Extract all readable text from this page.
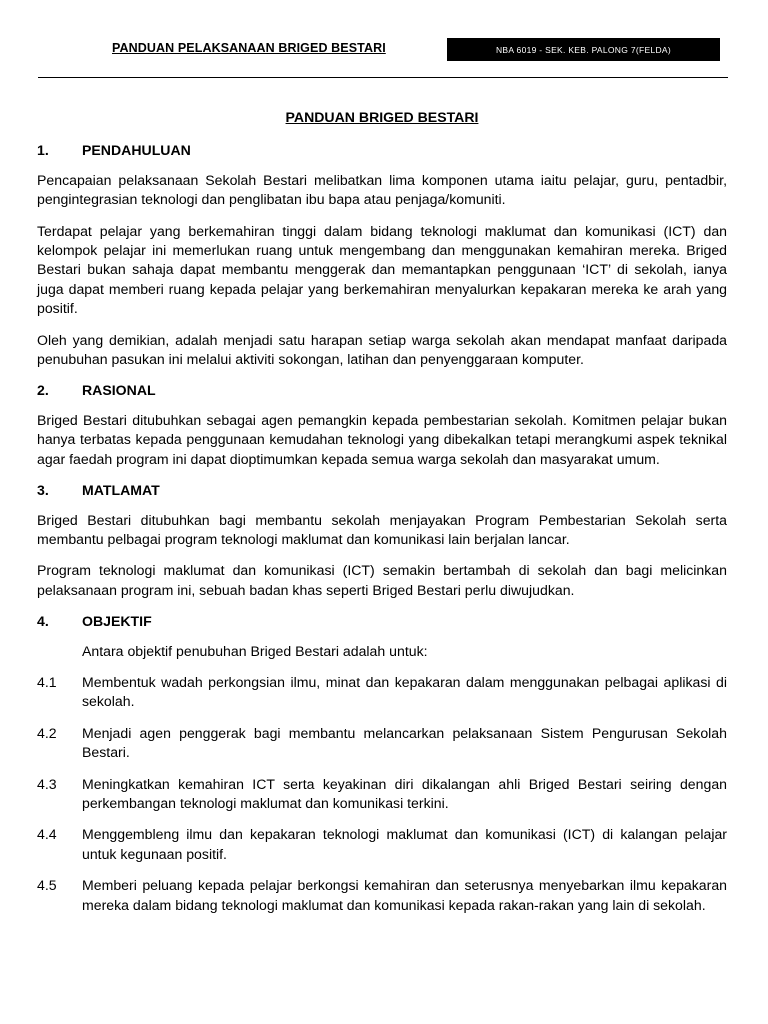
PANDUAN PELAKSANAAN BRIGED BESTARI	NBA 6019 - SEK. KEB. PALONG 7(FELDA)
PANDUAN BRIGED BESTARI
1.	PENDAHULUAN

Pencapaian pelaksanaan Sekolah Bestari melibatkan lima komponen utama iaitu pelajar, guru, pentadbir, pengintegrasian teknologi dan penglibatan ibu bapa atau penjaga/komuniti.

Terdapat pelajar yang berkemahiran tinggi dalam bidang teknologi maklumat dan komunikasi (ICT) dan kelompok pelajar ini memerlukan ruang untuk mengembang dan menggunakan kemahiran mereka. Briged Bestari bukan sahaja dapat membantu menggerak dan memantapkan penggunaan ‘ICT’ di sekolah, ianya juga dapat memberi ruang kepada pelajar yang berkemahiran menyalurkan kepakaran mereka ke arah yang positif.

Oleh yang demikian, adalah menjadi satu harapan setiap warga sekolah akan mendapat manfaat daripada penubuhan pasukan ini melalui aktiviti sokongan, latihan dan penyenggaraan komputer.

2.	RASIONAL

Briged Bestari ditubuhkan sebagai agen pemangkin kepada pembestarian sekolah. Komitmen pelajar bukan hanya terbatas kepada penggunaan kemudahan teknologi yang dibekalkan tetapi merangkumi aspek teknikal agar faedah program ini dapat dioptimumkan kepada semua warga sekolah dan masyarakat umum.

3.	MATLAMAT

Briged Bestari ditubuhkan bagi membantu sekolah menjayakan Program Pembestarian Sekolah serta membantu pelbagai program teknologi maklumat dan komunikasi lain berjalan lancar.

Program teknologi maklumat dan komunikasi (ICT) semakin bertambah di sekolah dan bagi melicinkan pelaksanaan program ini, sebuah badan khas seperti Briged Bestari perlu diwujudkan.

4.	OBJEKTIF
Antara objektif penubuhan Briged Bestari adalah untuk:
4.1	Membentuk wadah perkongsian ilmu, minat dan kepakaran dalam menggunakan pelbagai aplikasi di sekolah.
4.2	Menjadi agen penggerak bagi membantu melancarkan pelaksanaan Sistem Pengurusan Sekolah Bestari.
4.3	Meningkatkan kemahiran ICT serta keyakinan diri dikalangan ahli Briged Bestari seiring dengan perkembangan teknologi maklumat dan komunikasi terkini.
4.4	Menggembleng ilmu dan kepakaran teknologi maklumat dan komunikasi (ICT) di kalangan pelajar untuk kegunaan positif.
4.5	Memberi peluang kepada pelajar berkongsi kemahiran dan seterusnya menyebarkan ilmu kepakaran mereka dalam bidang teknologi maklumat dan komunikasi kepada rakan-rakan yang lain di sekolah.
